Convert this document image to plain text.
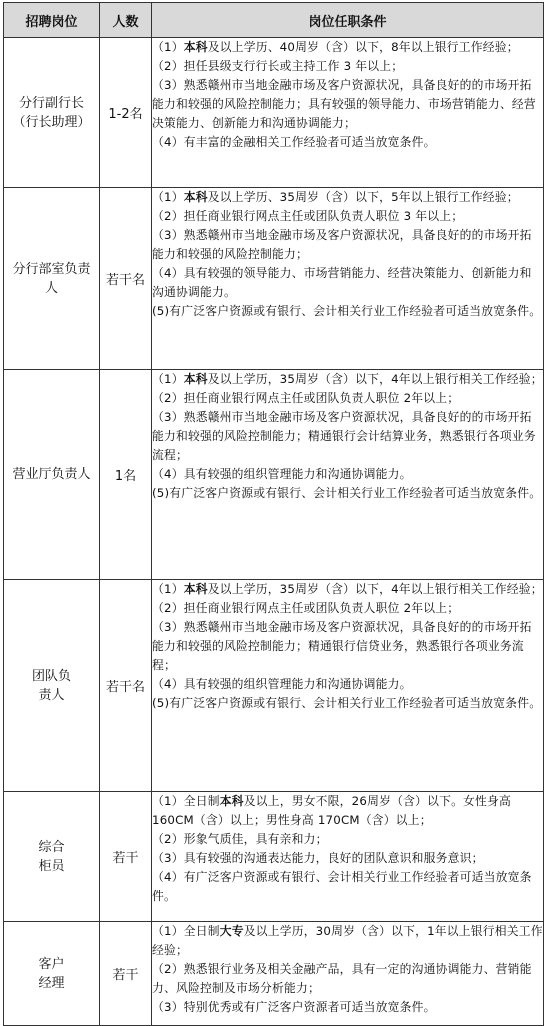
招聘岗位	人数	岗位任职条件
分行副行长
（行长助理）	1-2名	（1）本科及以上学历、40周岁（含）以下，8年以上银行工作经验；
（2）担任县级支行行长或主持工作 3 年以上；
（3）熟悉赣州市当地金融市场及客户资源状况，具备良好的的市场开拓能力和较强的风险控制能力；具有较强的领导能力、市场营销能力、经营决策能力、创新能力和沟通协调能力；
（4）有丰富的金融相关工作经验者可适当放宽条件。

分行部室负责
人	若干名	（1）本科及以上学历、35周岁（含）以下，5年以上银行工作经验；
（2）担任商业银行网点主任或团队负责人职位 3 年以上；
（3）熟悉赣州市当地金融市场及客户资源状况，具备良好的的市场开拓能力和较强的风险控制能力；
（4）具有较强的领导能力、市场营销能力、经营决策能力、创新能力和沟通协调能力。
(5)有广泛客户资源或有银行、会计相关行业工作经验者可适当放宽条件。

营业厅负责人	1名	（1）本科及以上学历，35周岁（含）以下，4年以上银行相关工作经验；
（2）担任商业银行网点主任或团队负责人职位 2年以上；
（3）熟悉赣州市当地金融市场及客户资源状况，具备良好的的市场开拓能力和较强的风险控制能力；精通银行会计结算业务，熟悉银行各项业务流程；
（4）具有较强的组织管理能力和沟通协调能力。
(5)有广泛客户资源或有银行、会计相关行业工作经验者可适当放宽条件。

团队负
责人	若干名	（1）本科及以上学历，35周岁（含）以下，4年以上银行相关工作经验；
（2）担任商业银行网点主任或团队负责人职位 2年以上；
（3）熟悉赣州市当地金融市场及客户资源状况，具备良好的的市场开拓能力和较强的风险控制能力；精通银行信贷业务，熟悉银行各项业务流程；
（4）具有较强的组织管理能力和沟通协调能力。
(5)有广泛客户资源或有银行、会计相关行业工作经验者可适当放宽条件。

综合
柜员	若干	（1）全日制本科及以上，男女不限，26周岁（含）以下。女性身高 160CM（含）以上；男性身高 170CM（含）以上；
（2）形象气质佳，具有亲和力；
（3）具有较强的沟通表达能力，良好的团队意识和服务意识；
（4）有广泛客户资源或有银行、会计相关行业工作经验者可适当放宽条件。

客户
经理	若干	（1）全日制大专及以上学历，30周岁（含）以下，1年以上银行相关工作经验；
（2）熟悉银行业务及相关金融产品，具有一定的沟通协调能力、营销能力、风险控制及市场分析能力；
（3）特别优秀或有广泛客户资源者可适当放宽条件。
